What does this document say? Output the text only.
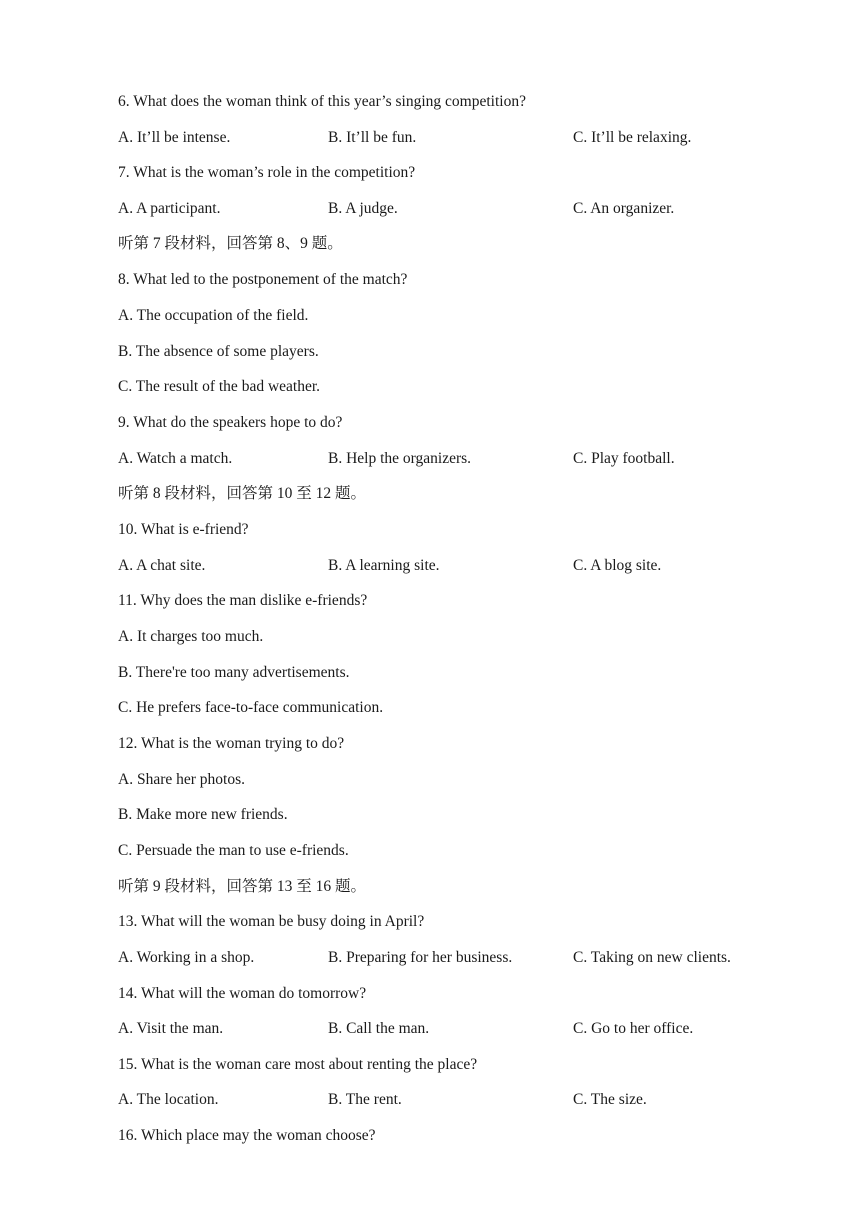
6. What does the woman think of this year’s singing competition?
A. It’ll be intense.	B. It’ll be fun.	C. It’ll be relaxing.
7. What is the woman’s role in the competition?
A. A participant.	B. A judge.	C. An organizer.
听第 7 段材料，回答第 8、9 题。
8. What led to the postponement of the match?
A. The occupation of the field.
B. The absence of some players.
C. The result of the bad weather.
9. What do the speakers hope to do?
A. Watch a match.	B. Help the organizers.	C. Play football.
听第 8 段材料，回答第 10 至 12 题。
10. What is e-friend?
A. A chat site.	B. A learning site.	C. A blog site.
11. Why does the man dislike e-friends?
A. It charges too much.
B. There're too many advertisements.
C. He prefers face-to-face communication.
12. What is the woman trying to do?
A. Share her photos.
B. Make more new friends.
C. Persuade the man to use e-friends.
听第 9 段材料，回答第 13 至 16 题。
13. What will the woman be busy doing in April?
A. Working in a shop.	B. Preparing for her business.	C. Taking on new clients.
14. What will the woman do tomorrow?
A. Visit the man.	B. Call the man.	C. Go to her office.
15. What is the woman care most about renting the place?
A. The location.	B. The rent.	C. The size.
16. Which place may the woman choose?
